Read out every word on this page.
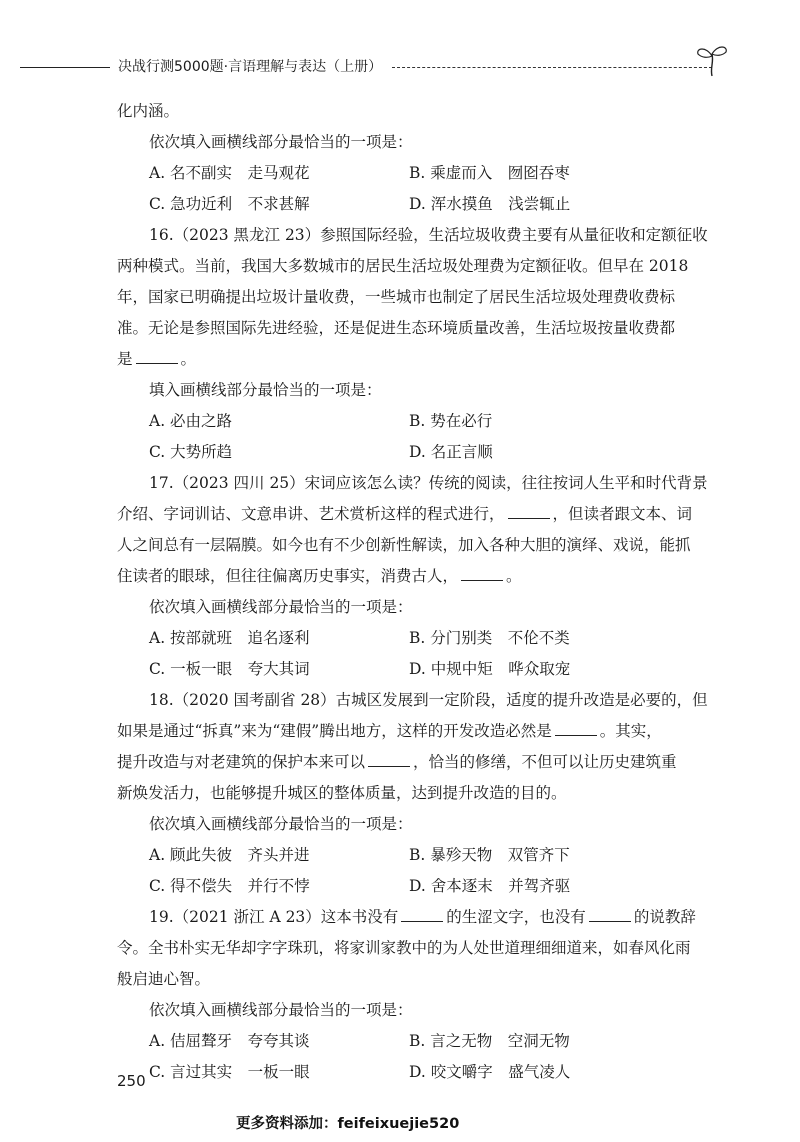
决战行测5000题·言语理解与表达（上册）
化内涵。
依次填入画横线部分最恰当的一项是：
A. 名不副实　走马观花	B. 乘虚而入　囫囵吞枣
C. 急功近利　不求甚解	D. 浑水摸鱼　浅尝辄止
16.（2023 黑龙江 23）参照国际经验，生活垃圾收费主要有从量征收和定额征收
两种模式。当前，我国大多数城市的居民生活垃圾处理费为定额征收。但早在 2018
年，国家已明确提出垃圾计量收费，一些城市也制定了居民生活垃圾处理费收费标
准。无论是参照国际先进经验，还是促进生态环境质量改善，生活垃圾按量收费都
是	。
填入画横线部分最恰当的一项是：
A. 必由之路	B. 势在必行
C. 大势所趋	D. 名正言顺
17.（2023 四川 25）宋词应该怎么读？传统的阅读，往往按词人生平和时代背景
介绍、字词训诂、文意串讲、艺术赏析这样的程式进行，	，但读者跟文本、词
人之间总有一层隔膜。如今也有不少创新性解读，加入各种大胆的演绎、戏说，能抓
住读者的眼球，但往往偏离历史事实，消费古人，	。
依次填入画横线部分最恰当的一项是：
A. 按部就班　追名逐利	B. 分门别类　不伦不类
C. 一板一眼　夸大其词	D. 中规中矩　哗众取宠
18.（2020 国考副省 28）古城区发展到一定阶段，适度的提升改造是必要的，但
如果是通过“拆真”来为“建假”腾出地方，这样的开发改造必然是	。其实，
提升改造与对老建筑的保护本来可以	，恰当的修缮，不但可以让历史建筑重
新焕发活力，也能够提升城区的整体质量，达到提升改造的目的。
依次填入画横线部分最恰当的一项是：
A. 顾此失彼　齐头并进	B. 暴殄天物　双管齐下
C. 得不偿失　并行不悖	D. 舍本逐末　并驾齐驱
19.（2021 浙江 A 23）这本书没有	的生涩文字，也没有	的说教辞
令。全书朴实无华却字字珠玑，将家训家教中的为人处世道理细细道来，如春风化雨
般启迪心智。
依次填入画横线部分最恰当的一项是：
A. 佶屈聱牙　夸夸其谈	B. 言之无物　空洞无物
C. 言过其实　一板一眼	D. 咬文嚼字　盛气凌人
250
更多资料添加：feifeixuejie520
